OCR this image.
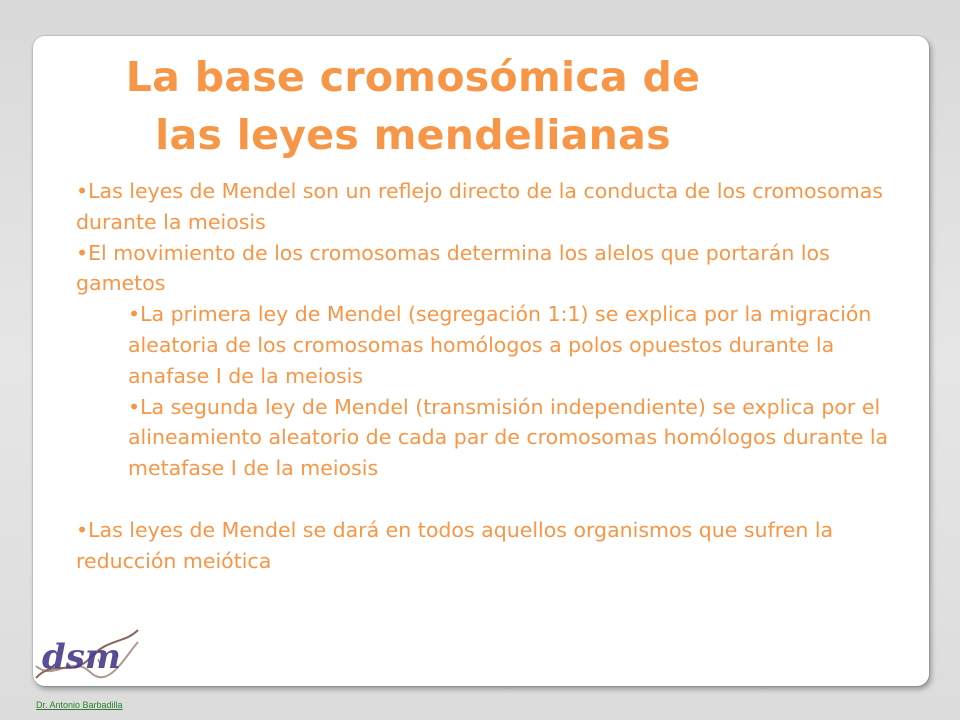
La base cromosómica de
las leyes mendelianas

•Las leyes de Mendel son un reflejo directo de la conducta de los cromosomas durante la meiosis

•El movimiento de los cromosomas determina los alelos que portarán los gametos

•La primera ley de Mendel (segregación 1:1) se explica por la migración aleatoria de los cromosomas homólogos a polos opuestos durante la anafase I de la meiosis

•La segunda ley de Mendel (transmisión independiente) se explica por el alineamiento aleatorio de cada par de cromosomas homólogos durante la metafase I de la meiosis

•Las leyes de Mendel se dará en todos aquellos organismos que sufren la reducción meiótica

dsm
Dr. Antonio Barbadilla
